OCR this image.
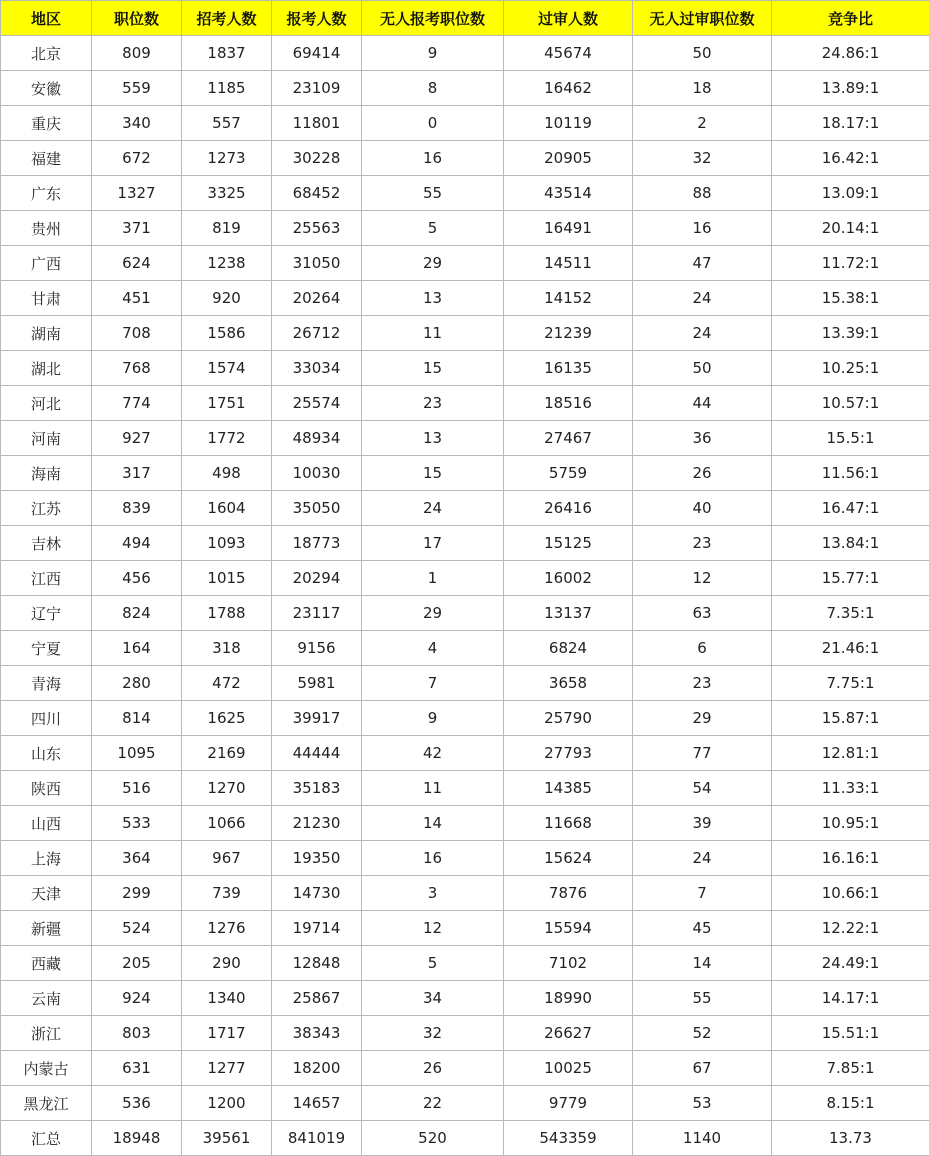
地区	职位数	招考人数	报考人数	无人报考职位数	过审人数	无人过审职位数	竞争比
北京	809	1837	69414	9	45674	50	24.86:1
安徽	559	1185	23109	8	16462	18	13.89:1
重庆	340	557	11801	0	10119	2	18.17:1
福建	672	1273	30228	16	20905	32	16.42:1
广东	1327	3325	68452	55	43514	88	13.09:1
贵州	371	819	25563	5	16491	16	20.14:1
广西	624	1238	31050	29	14511	47	11.72:1
甘肃	451	920	20264	13	14152	24	15.38:1
湖南	708	1586	26712	11	21239	24	13.39:1
湖北	768	1574	33034	15	16135	50	10.25:1
河北	774	1751	25574	23	18516	44	10.57:1
河南	927	1772	48934	13	27467	36	15.5:1
海南	317	498	10030	15	5759	26	11.56:1
江苏	839	1604	35050	24	26416	40	16.47:1
吉林	494	1093	18773	17	15125	23	13.84:1
江西	456	1015	20294	1	16002	12	15.77:1
辽宁	824	1788	23117	29	13137	63	7.35:1
宁夏	164	318	9156	4	6824	6	21.46:1
青海	280	472	5981	7	3658	23	7.75:1
四川	814	1625	39917	9	25790	29	15.87:1
山东	1095	2169	44444	42	27793	77	12.81:1
陕西	516	1270	35183	11	14385	54	11.33:1
山西	533	1066	21230	14	11668	39	10.95:1
上海	364	967	19350	16	15624	24	16.16:1
天津	299	739	14730	3	7876	7	10.66:1
新疆	524	1276	19714	12	15594	45	12.22:1
西藏	205	290	12848	5	7102	14	24.49:1
云南	924	1340	25867	34	18990	55	14.17:1
浙江	803	1717	38343	32	26627	52	15.51:1
内蒙古	631	1277	18200	26	10025	67	7.85:1
黑龙江	536	1200	14657	22	9779	53	8.15:1
汇总	18948	39561	841019	520	543359	1140	13.73
